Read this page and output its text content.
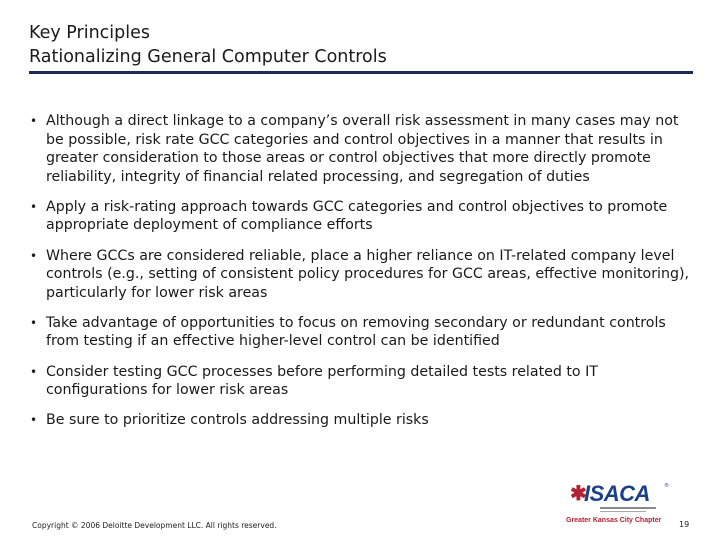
Key Principles
Rationalizing General Computer Controls
• Although a direct linkage to a company’s overall risk assessment in many cases may not be possible, risk rate GCC categories and control objectives in a manner that results in greater consideration to those areas or control objectives that more directly promote reliability, integrity of financial related processing, and segregation of duties
• Apply a risk-rating approach towards GCC categories and control objectives to promote appropriate deployment of compliance efforts
• Where GCCs are considered reliable, place a higher reliance on IT-related company level controls (e.g., setting of consistent policy procedures for GCC areas, effective monitoring), particularly for lower risk areas
• Take advantage of opportunities to focus on removing secondary or redundant controls from testing if an effective higher-level control can be identified
• Consider testing GCC processes before performing detailed tests related to IT configurations for lower risk areas
• Be sure to prioritize controls addressing multiple risks
Copyright © 2006 Deloitte Development LLC. All rights reserved.
✱
ISACA	®
Greater Kansas City Chapter 19
